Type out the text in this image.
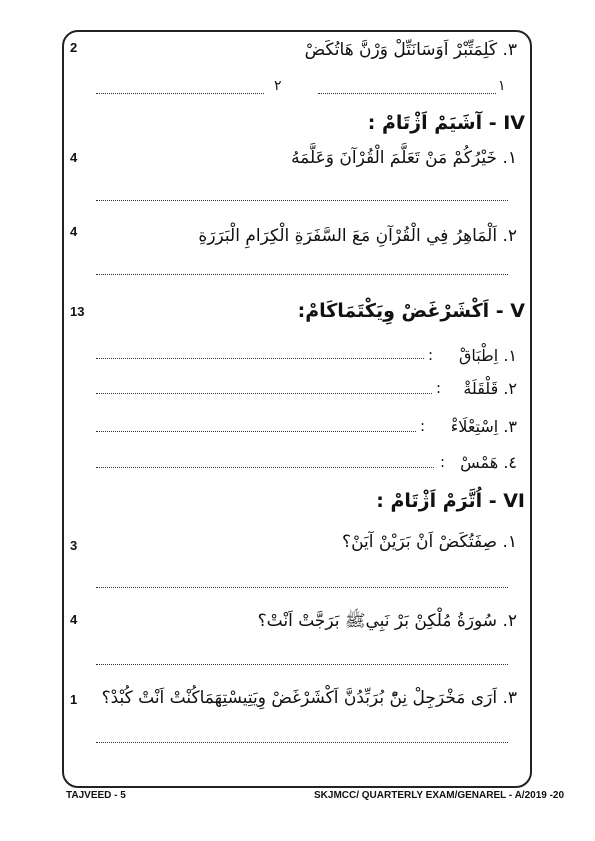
2	٣. كَلِمَتِّبْرْ اَوَسَانَتِّلْ وَرْنَّ هَاتُكَضْ
٢	١
IV - آشَيَمْ اَژْتَامْ :
4	١. خَيْرُكُمْ مَنْ تَعَلَّمَ الْقُرْآنَ وَعَلَّمَهُ
4	٢. اَلْمَاهِرُ فِي الْقُرْآنِ مَعَ السَّفَرَةِ الْكِرَامِ الْبَرَرَةِ
13	V - اَكْشَرْغَضْ وِيَكْتَمَاكَامْ:
١. اِطْبَاقْ
:
٢. قَلْقَلَةْ
:
٣. اِسْتِعْلَاءْ
:
٤. هَمْسْ
:
VI - اُتَّرَمْ اَژْتَامْ :
3	١. صِفَتُكَضْ اَنْ بَرَيْنْ آيَنْ؟
4	٢. سُورَةُ مُلْكِنْ بَرْ نَبِيﷺ بَرَجَّتْ اَنْتْ؟
1 ٣. اَرَى مَخْرَجِلْ نِنّْ بُرَبِّدُنَّ اَكْشَرْغَضْ وِيَتِيسْتِهَمَاكُنْتْ اَنْتْ كُبْدْ؟
TAJVEED - 5	SKJMCC/ QUARTERLY EXAM/GENAREL - A/2019 -20
